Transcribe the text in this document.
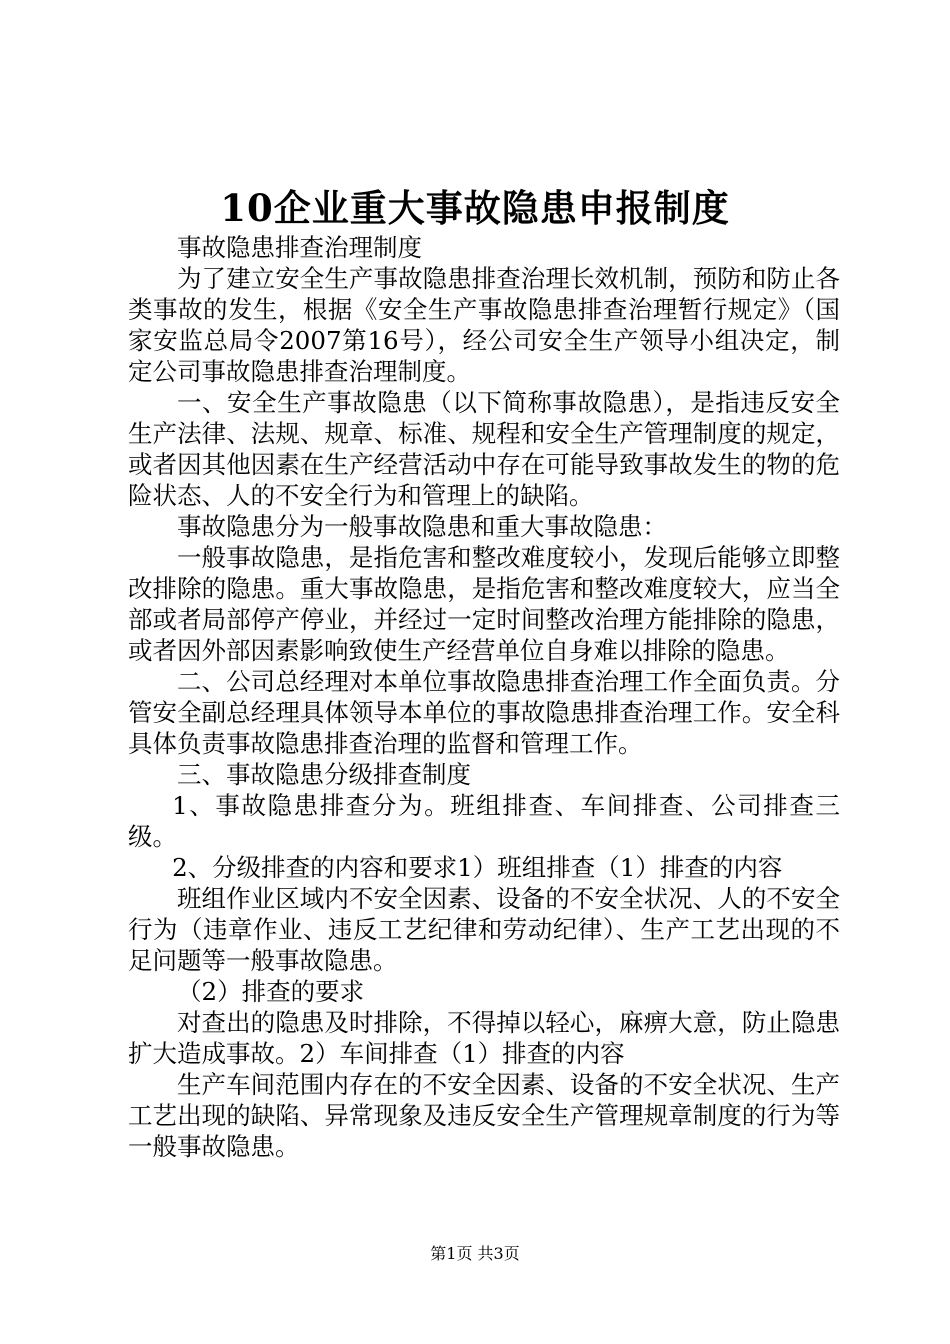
10企业重大事故隐患申报制度

事故隐患排查治理制度

为了建立安全生产事故隐患排查治理长效机制，预防和防止各类事故的发生，根据《安全生产事故隐患排查治理暂行规定》（国家安监总局令2007第16号），经公司安全生产领导小组决定，制定公司事故隐患排查治理制度。

一、安全生产事故隐患（以下简称事故隐患），是指违反安全生产法律、法规、规章、标准、规程和安全生产管理制度的规定，或者因其他因素在生产经营活动中存在可能导致事故发生的物的危险状态、人的不安全行为和管理上的缺陷。

事故隐患分为一般事故隐患和重大事故隐患：

一般事故隐患，是指危害和整改难度较小，发现后能够立即整改排除的隐患。重大事故隐患，是指危害和整改难度较大，应当全部或者局部停产停业，并经过一定时间整改治理方能排除的隐患，或者因外部因素影响致使生产经营单位自身难以排除的隐患。

二、公司总经理对本单位事故隐患排查治理工作全面负责。分管安全副总经理具体领导本单位的事故隐患排查治理工作。安全科具体负责事故隐患排查治理的监督和管理工作。

三、事故隐患分级排查制度

1、事故隐患排查分为。班组排查、车间排查、公司排查三级。

2、分级排查的内容和要求1）班组排查（1）排查的内容

班组作业区域内不安全因素、设备的不安全状况、人的不安全行为（违章作业、违反工艺纪律和劳动纪律）、生产工艺出现的不足问题等一般事故隐患。

（2）排查的要求

对查出的隐患及时排除，不得掉以轻心，麻痹大意，防止隐患扩大造成事故。2）车间排查（1）排查的内容

生产车间范围内存在的不安全因素、设备的不安全状况、生产工艺出现的缺陷、异常现象及违反安全生产管理规章制度的行为等一般事故隐患。

第1页 共3页
